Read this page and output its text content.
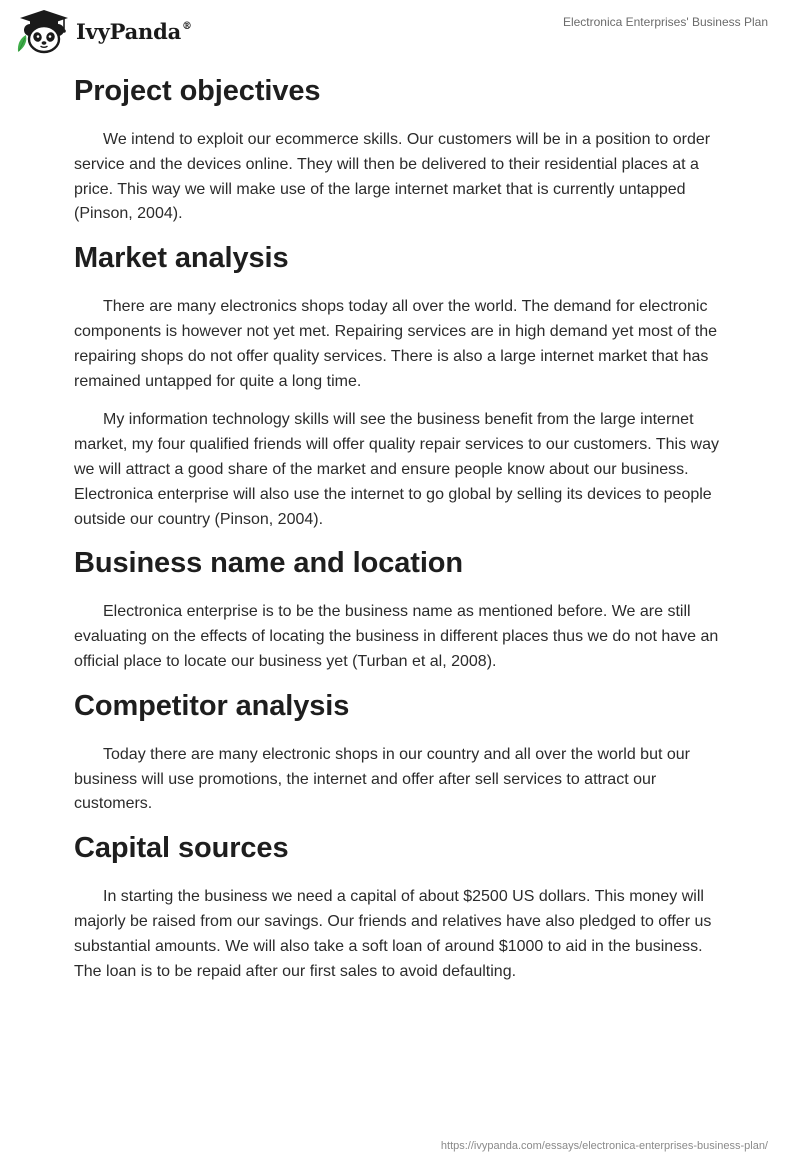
IvyPanda®	Electronica Enterprises' Business Plan
Project objectives

We intend to exploit our ecommerce skills. Our customers will be in a position to order service and the devices online. They will then be delivered to their residential places at a price. This way we will make use of the large internet market that is currently untapped (Pinson, 2004).

Market analysis

There are many electronics shops today all over the world. The demand for electronic components is however not yet met. Repairing services are in high demand yet most of the repairing shops do not offer quality services. There is also a large internet market that has remained untapped for quite a long time.

My information technology skills will see the business benefit from the large internet market, my four qualified friends will offer quality repair services to our customers. This way we will attract a good share of the market and ensure people know about our business. Electronica enterprise will also use the internet to go global by selling its devices to people outside our country (Pinson, 2004).

Business name and location

Electronica enterprise is to be the business name as mentioned before. We are still evaluating on the effects of locating the business in different places thus we do not have an official place to locate our business yet (Turban et al, 2008).

Competitor analysis

Today there are many electronic shops in our country and all over the world but our business will use promotions, the internet and offer after sell services to attract our customers.

Capital sources

In starting the business we need a capital of about $2500 US dollars. This money will majorly be raised from our savings. Our friends and relatives have also pledged to offer us substantial amounts. We will also take a soft loan of around $1000 to aid in the business. The loan is to be repaid after our first sales to avoid defaulting.

https://ivypanda.com/essays/electronica-enterprises-business-plan/
